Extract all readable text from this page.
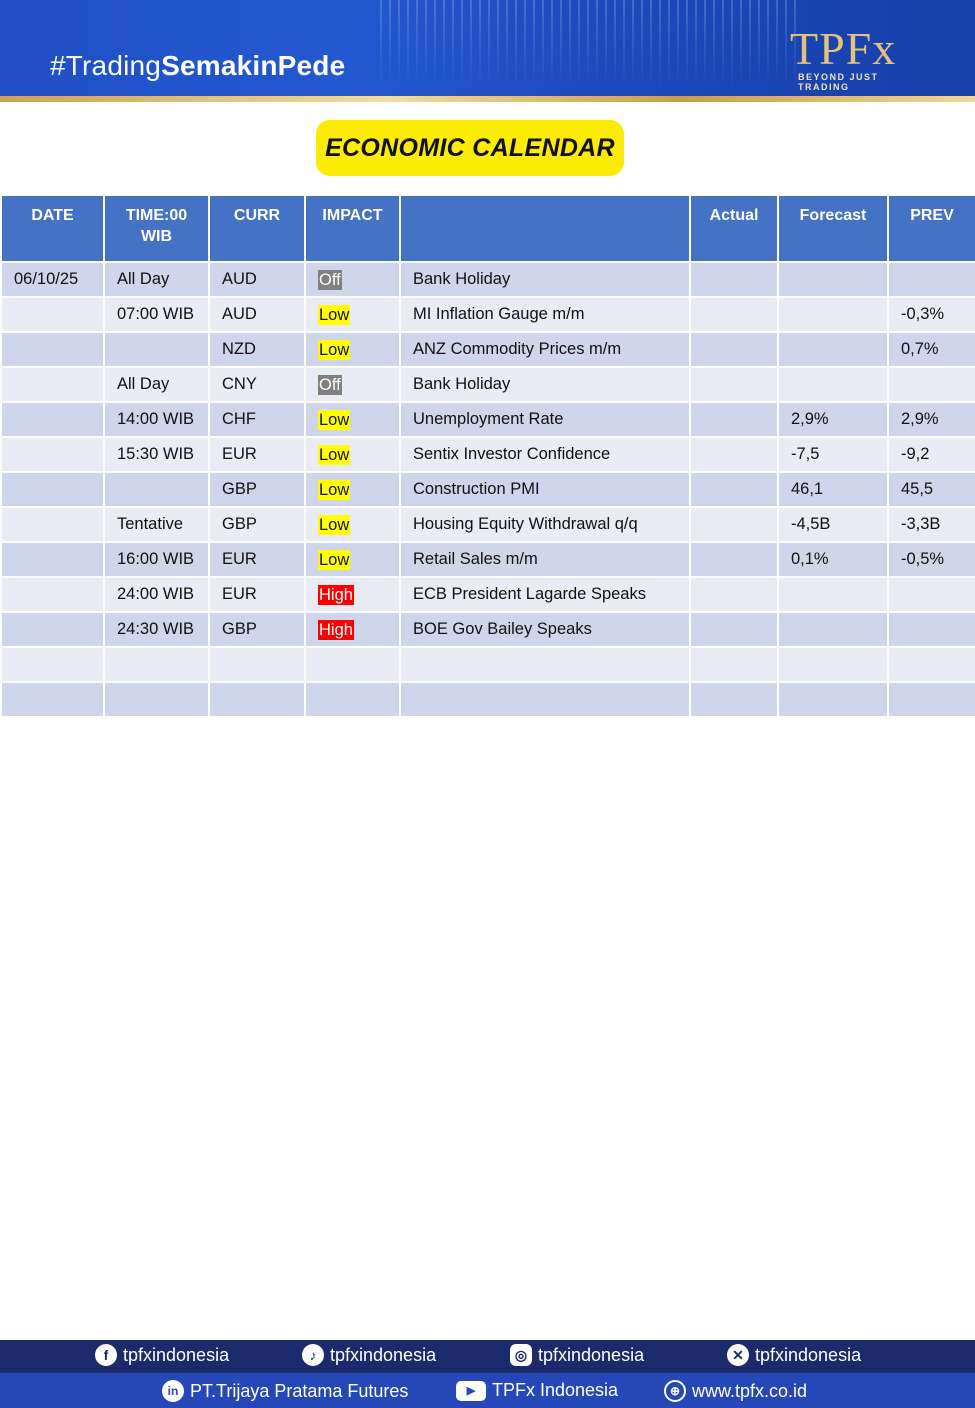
#TradingSemakinPede	TPFx
BEYOND JUST TRADING
ECONOMIC CALENDAR
DATE	TIME:00 WIB	CURR	IMPACT		Actual	Forecast	PREV
06/10/25	All Day	AUD	Off	Bank Holiday			
	07:00 WIB	AUD	Low	MI Inflation Gauge m/m			-0,3%
		NZD	Low	ANZ Commodity Prices m/m			0,7%
	All Day	CNY	Off	Bank Holiday			
	14:00 WIB	CHF	Low	Unemployment Rate		2,9%	2,9%
	15:30 WIB	EUR	Low	Sentix Investor Confidence		-7,5	-9,2
		GBP	Low	Construction PMI		46,1	45,5
	Tentative	GBP	Low	Housing Equity Withdrawal q/q		-4,5B	-3,3B
	16:00 WIB	EUR	Low	Retail Sales m/m		0,1%	-0,5%
	24:00 WIB	EUR	High	ECB President Lagarde Speaks			
	24:30 WIB	GBP	High	BOE Gov Bailey Speaks			

f tpfxindonesia	♪ tpfxindonesia	◎ tpfxindonesia	✕ tpfxindonesia
in PT.Trijaya Pratama Futures	▶ TPFx Indonesia	⊕ www.tpfx.co.id
